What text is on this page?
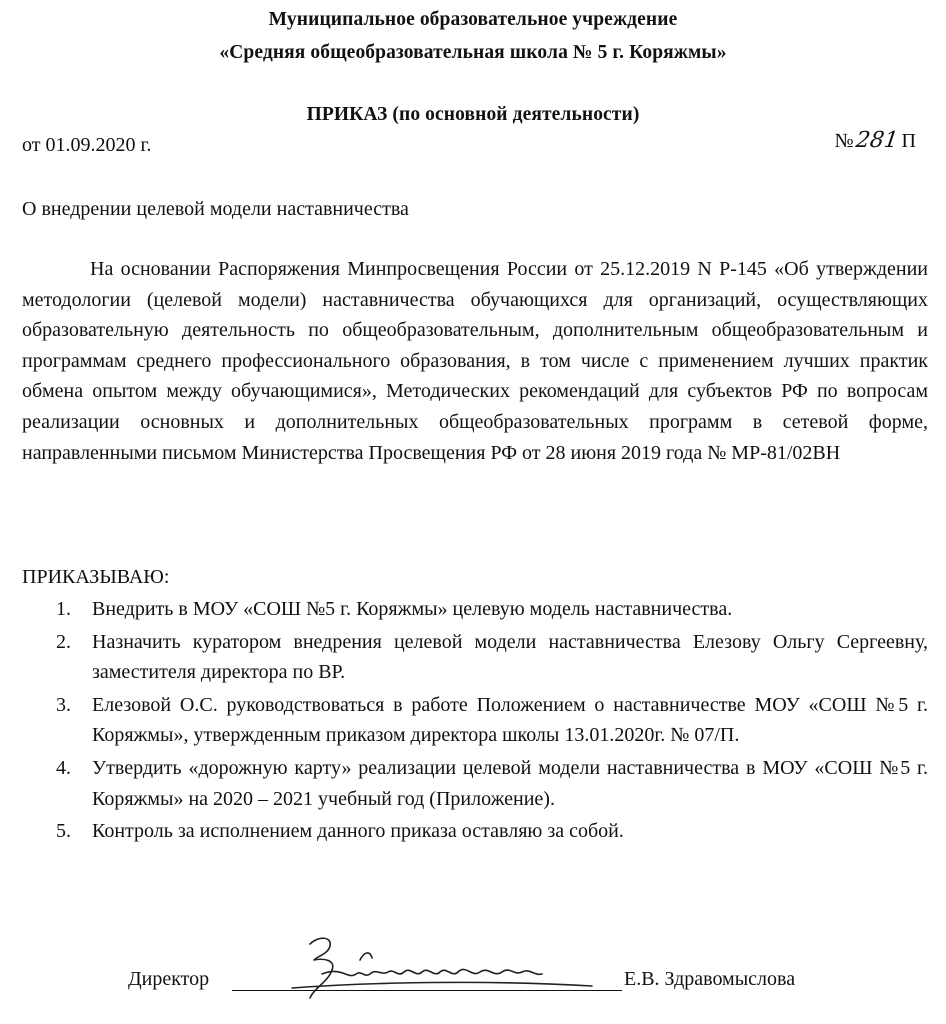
Муниципальное образовательное учреждение
«Средняя общеобразовательная школа № 5 г. Коряжмы»
ПРИКАЗ (по основной деятельности)
от 01.09.2020 г.	№281 П
О внедрении целевой модели наставничества

На основании Распоряжения Минпросвещения России от 25.12.2019 N Р-145 «Об утверждении методологии (целевой модели) наставничества обучающихся для организаций, осуществляющих образовательную деятельность по общеобразовательным, дополнительным общеобразовательным и программам среднего профессионального образования, в том числе с применением лучших практик обмена опытом между обучающимися», Методических рекомендаций для субъектов РФ по вопросам реализации основных и дополнительных общеобразовательных программ в сетевой форме, направленными письмом Министерства Просвещения РФ от 28 июня 2019 года № МР-81/02ВН

ПРИКАЗЫВАЮ:
1. Внедрить в МОУ «СОШ №5 г. Коряжмы» целевую модель наставничества.
2. Назначить куратором внедрения целевой модели наставничества Елезову Ольгу Сергеевну, заместителя директора по ВР.
3. Елезовой О.С. руководствоваться в работе Положением о наставничестве МОУ «СОШ №5 г. Коряжмы», утвержденным приказом директора школы 13.01.2020г. № 07/П.
4. Утвердить «дорожную карту» реализации целевой модели наставничества в МОУ «СОШ №5 г. Коряжмы» на 2020 – 2021 учебный год (Приложение).
5. Контроль за исполнением данного приказа оставляю за собой.
Директор	Е.В. Здравомыслова
